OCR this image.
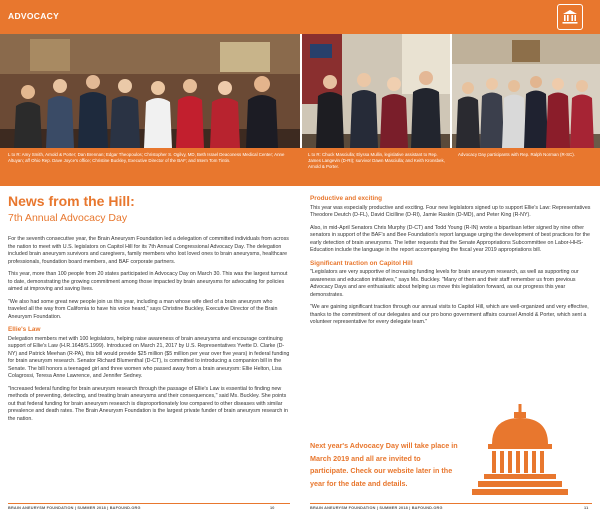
ADVOCACY
L to R: Amy Smith, Arnold & Porter; Dan Brennan; Edgar Theopoulos; Christopher S. Ogilvy, MD, Beth Israel Deaconess Medical Center; Anne Altuyan; aff Ohio Rep. Dave Joyce's office; Christine Buckley, Executive Director of the BAF; and Intern Tom Tintin.
L to R: Chuck Masciulla; Elyssa Mullin, legislative assistant to Rep. James Langevin (D-RI); survivor Dawn Masciulla; and Keith Kronsbek, Arnold & Porter.
Advocacy Day participants with Rep. Ralph Norman (R-SC).
News from the Hill:
7th Annual Advocacy Day

For the seventh consecutive year, the Brain Aneurysm Foundation led a delegation of committed individuals from across the nation to meet with U.S. legislators on Capitol Hill for its 7th Annual Congressional Advocacy Day. The delegation included brain aneurysm survivors and caregivers, family members who lost loved ones to brain aneurysms, healthcare professionals, foundation board members, and BAF corporate partners.

This year, more than 100 people from 20 states participated in Advocacy Day on March 30. This was the largest turnout to date, demonstrating the growing commitment among those impacted by brain aneurysms for advocating for policies aimed at improving and saving lives.

"We also had some great new people join us this year, including a man whose wife died of a brain aneurysm who traveled all the way from California to have his voice heard," says Christine Buckley, Executive Director of the Brain Aneurysm Foundation.

Ellie's Law

Delegation members met with 100 legislators, helping raise awareness of brain aneurysms and encourage continuing support of Ellie's Law (H.R.1648/S.1999). Introduced on March 21, 2017 by U.S. Representatives Yvette D. Clarke (D-NY) and Patrick Meehan (R-PA), this bill would provide $25 million ($5 million per year over five years) in federal funding for brain aneurysm research. Senator Richard Blumenthal (D-CT), is committed to introducing a companion bill in the Senate. The bill honors a teenaged girl and three women who passed away from a brain aneurysm: Ellie Helton, Lisa Colagrossi, Teresa Anne Lawrence, and Jennifer Sedney.

"Increased federal funding for brain aneurysm research through the passage of Ellie's Law is essential to finding new methods of preventing, detecting, and treating brain aneurysms and their consequences," said Ms. Buckley. She points out that federal funding for brain aneurysm research is disproportionately low compared to other diseases with similar prevalence and death rates. The Brain Aneurysm Foundation is the largest private funder of brain aneurysm research in the nation.

Productive and exciting

This year was especially productive and exciting. Four new legislators signed up to support Ellie's Law: Representatives Theodore Deutch (D-FL), David Cicilline (D-RI), Jamie Raskin (D-MD), and Peter King (R-NY).

Also, in mid-April Senators Chris Murphy (D-CT) and Todd Young (R-IN) wrote a bipartisan letter signed by nine other senators in support of the BAF's and Bee Foundation's report language urging the development of best practices for the early detection of brain aneurysms. The letter requests that the Senate Appropriations Subcommittee on Labor-HHS-Education include the language in the report accompanying the fiscal year 2019 appropriations bill.

Significant traction on Capitol Hill

"Legislators are very supportive of increasing funding levels for brain aneurysm research, as well as supporting our awareness and education initiatives," says Ms. Buckley. "Many of them and their staff remember us from previous Advocacy Days and are enthusiastic about helping us move this legislation forward, as our progress this year demonstrates.

"We are gaining significant traction through our annual visits to Capitol Hill, which are well-organized and very effective, thanks to the commitment of our delegates and our pro bono government affairs counsel Arnold & Porter, which sent a volunteer representative for every delegate team."

Next year's Advocacy Day will take place in March 2019 and all are invited to participate. Check our website later in the year for the date and details.
BRAIN ANEURYSM FOUNDATION | SUMMER 2018 | BAFOUND.ORG	10	BRAIN ANEURYSM FOUNDATION | SUMMER 2018 | BAFOUND.ORG	11
